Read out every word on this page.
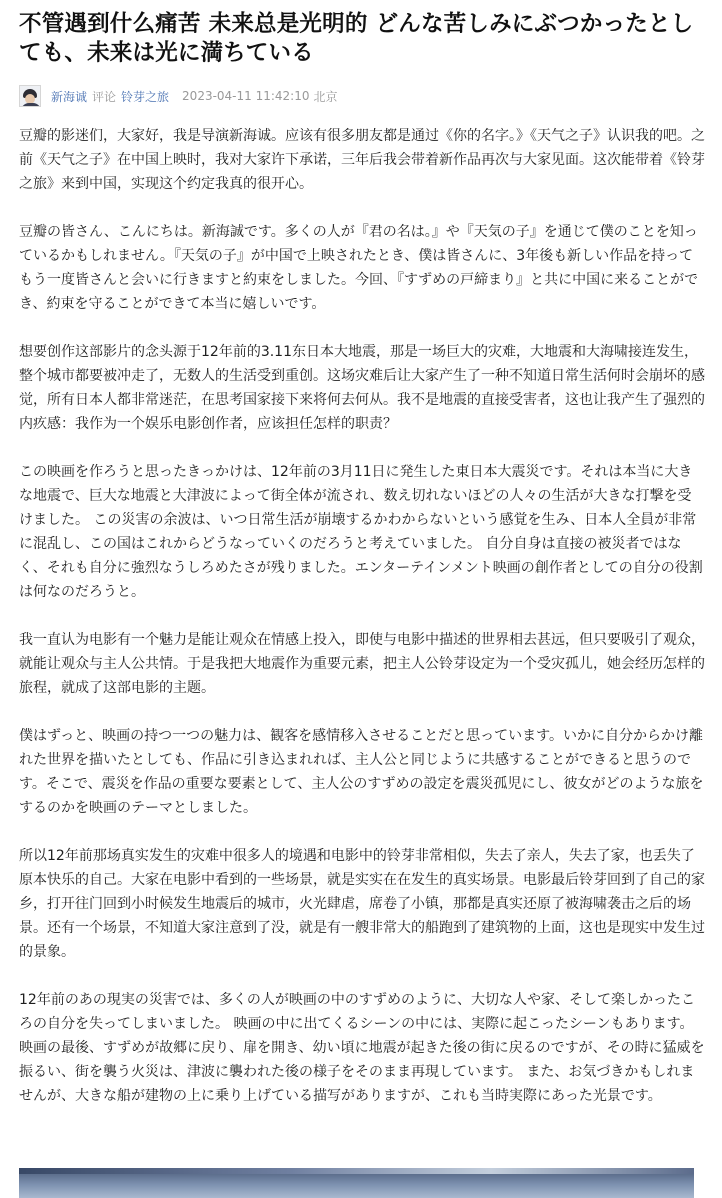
不管遇到什么痛苦 未来总是光明的 どんな苦しみにぶつかったとしても、未来は光に満ちている
新海诚 评论 铃芽之旅 2023-04-11 11:42:10 北京

豆瓣的影迷们，大家好，我是导演新海诚。应该有很多朋友都是通过《你的名字。》《天气之子》认识我的吧。之前《天气之子》在中国上映时，我对大家许下承诺，三年后我会带着新作品再次与大家见面。这次能带着《铃芽之旅》来到中国，实现这个约定我真的很开心。

豆瓣の皆さん、こんにちは。新海誠です。多くの人が『君の名は。』や『天気の子』を通じて僕のことを知っているかもしれません。『天気の子』が中国で上映されたとき、僕は皆さんに、3年後も新しい作品を持ってもう一度皆さんと会いに行きますと約束をしました。今回、『すずめの戸締まり』と共に中国に来ることができ、約束を守ることができて本当に嬉しいです。

想要创作这部影片的念头源于12年前的3.11东日本大地震，那是一场巨大的灾难，大地震和大海啸接连发生，整个城市都要被冲走了，无数人的生活受到重创。这场灾难后让大家产生了一种不知道日常生活何时会崩坏的感觉，所有日本人都非常迷茫，在思考国家接下来将何去何从。我不是地震的直接受害者，这也让我产生了强烈的内疚感：我作为一个娱乐电影创作者，应该担任怎样的职责？

この映画を作ろうと思ったきっかけは、12年前の3月11日に発生した東日本大震災です。それは本当に大きな地震で、巨大な地震と大津波によって街全体が流され、数え切れないほどの人々の生活が大きな打撃を受けました。 この災害の余波は、いつ日常生活が崩壊するかわからないという感覚を生み、日本人全員が非常に混乱し、この国はこれからどうなっていくのだろうと考えていました。 自分自身は直接の被災者ではなく、それも自分に強烈なうしろめたさが残りました。エンターテインメント映画の創作者としての自分の役割は何なのだろうと。

我一直认为电影有一个魅力是能让观众在情感上投入，即使与电影中描述的世界相去甚远，但只要吸引了观众，就能让观众与主人公共情。于是我把大地震作为重要元素，把主人公铃芽设定为一个受灾孤儿，她会经历怎样的旅程，就成了这部电影的主题。

僕はずっと、映画の持つ一つの魅力は、観客を感情移入させることだと思っています。いかに自分からかけ離れた世界を描いたとしても、作品に引き込まれれば、主人公と同じように共感することができると思うのです。そこで、震災を作品の重要な要素として、主人公のすずめの設定を震災孤児にし、彼女がどのような旅をするのかを映画のテーマとしました。

所以12年前那场真实发生的灾难中很多人的境遇和电影中的铃芽非常相似，失去了亲人，失去了家，也丢失了原本快乐的自己。大家在电影中看到的一些场景，就是实实在在发生的真实场景。电影最后铃芽回到了自己的家乡，打开往门回到小时候发生地震后的城市，火光肆虐，席卷了小镇，那都是真实还原了被海啸袭击之后的场景。还有一个场景，不知道大家注意到了没，就是有一艘非常大的船跑到了建筑物的上面，这也是现实中发生过的景象。

12年前のあの現実の災害では、多くの人が映画の中のすずめのように、大切な人や家、そして楽しかったころの自分を失ってしまいました。 映画の中に出てくるシーンの中には、実際に起こったシーンもあります。 映画の最後、すずめが故郷に戻り、扉を開き、幼い頃に地震が起きた後の街に戻るのですが、その時に猛威を振るい、街を襲う火災は、津波に襲われた後の様子をそのまま再現しています。 また、お気づきかもしれませんが、大きな船が建物の上に乗り上げている描写がありますが、これも当時実際にあった光景です。
